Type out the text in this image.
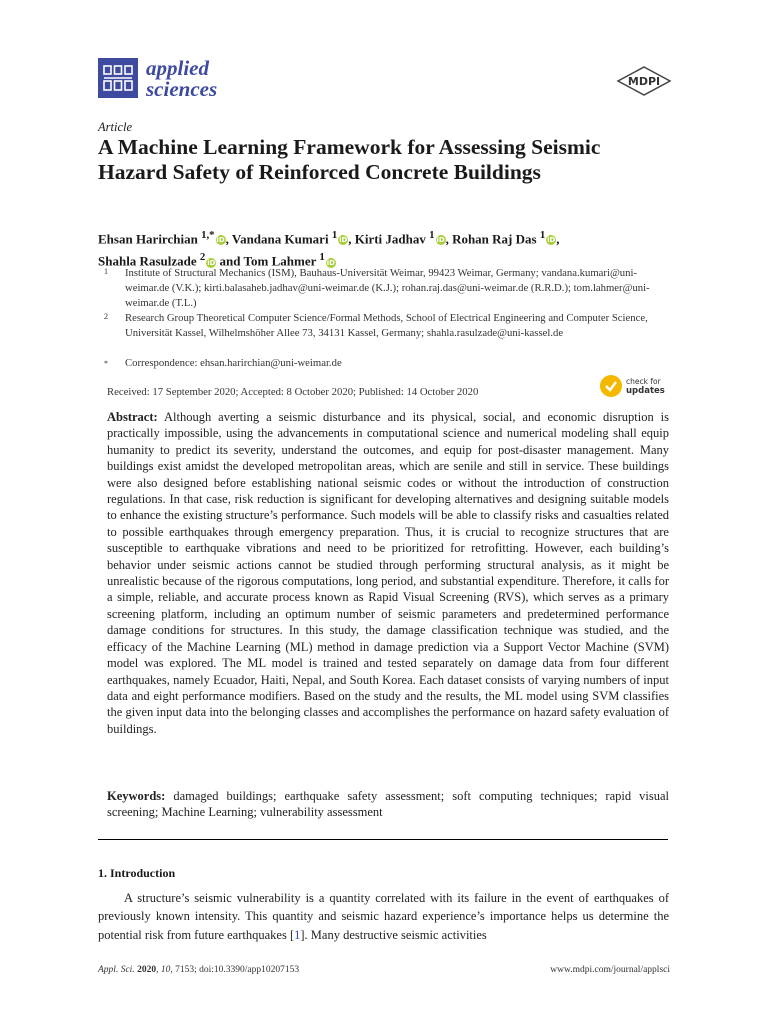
applied
sciences	MDPI
Article
A Machine Learning Framework for Assessing Seismic Hazard Safety of Reinforced Concrete Buildings
Ehsan Harirchian $^{1,*}$ iD, Vandana Kumari $^1$ iD, Kirti Jadhav $^1$ iD, Rohan Raj Das $^1$ iD,
Shahla Rasulzade $^2$ iD and Tom Lahmer $^1$ iD
1 Institute of Structural Mechanics (ISM), Bauhaus-Universität Weimar, 99423 Weimar, Germany; vandana.kumari@uni-weimar.de (V.K.); kirti.balasaheb.jadhav@uni-weimar.de (K.J.); rohan.raj.das@uni-weimar.de (R.R.D.); tom.lahmer@uni-weimar.de (T.L.)
2 Research Group Theoretical Computer Science/Formal Methods, School of Electrical Engineering and Computer Science, Universität Kassel, Wilhelmshöher Allee 73, 34131 Kassel, Germany; shahla.rasulzade@uni-kassel.de
* Correspondence: ehsan.harirchian@uni-weimar.de
Received: 17 September 2020; Accepted: 8 October 2020; Published: 14 October 2020
check for
updates
Abstract: Although averting a seismic disturbance and its physical, social, and economic disruption is practically impossible, using the advancements in computational science and numerical modeling shall equip humanity to predict its severity, understand the outcomes, and equip for post-disaster management. Many buildings exist amidst the developed metropolitan areas, which are senile and still in service. These buildings were also designed before establishing national seismic codes or without the introduction of construction regulations. In that case, risk reduction is significant for developing alternatives and designing suitable models to enhance the existing structure’s performance. Such models will be able to classify risks and casualties related to possible earthquakes through emergency preparation. Thus, it is crucial to recognize structures that are susceptible to earthquake vibrations and need to be prioritized for retrofitting. However, each building’s behavior under seismic actions cannot be studied through performing structural analysis, as it might be unrealistic because of the rigorous computations, long period, and substantial expenditure. Therefore, it calls for a simple, reliable, and accurate process known as Rapid Visual Screening (RVS), which serves as a primary screening platform, including an optimum number of seismic parameters and predetermined performance damage conditions for structures. In this study, the damage classification technique was studied, and the efficacy of the Machine Learning (ML) method in damage prediction via a Support Vector Machine (SVM) model was explored. The ML model is trained and tested separately on damage data from four different earthquakes, namely Ecuador, Haiti, Nepal, and South Korea. Each dataset consists of varying numbers of input data and eight performance modifiers. Based on the study and the results, the ML model using SVM classifies the given input data into the belonging classes and accomplishes the performance on hazard safety evaluation of buildings.
Keywords: damaged buildings; earthquake safety assessment; soft computing techniques; rapid visual screening; Machine Learning; vulnerability assessment
1. Introduction
A structure’s seismic vulnerability is a quantity correlated with its failure in the event of earthquakes of previously known intensity. This quantity and seismic hazard experience’s importance helps us determine the potential risk from future earthquakes [1]. Many destructive seismic activities
Appl. Sci. 2020, 10, 7153; doi:10.3390/app10207153	www.mdpi.com/journal/applsci
